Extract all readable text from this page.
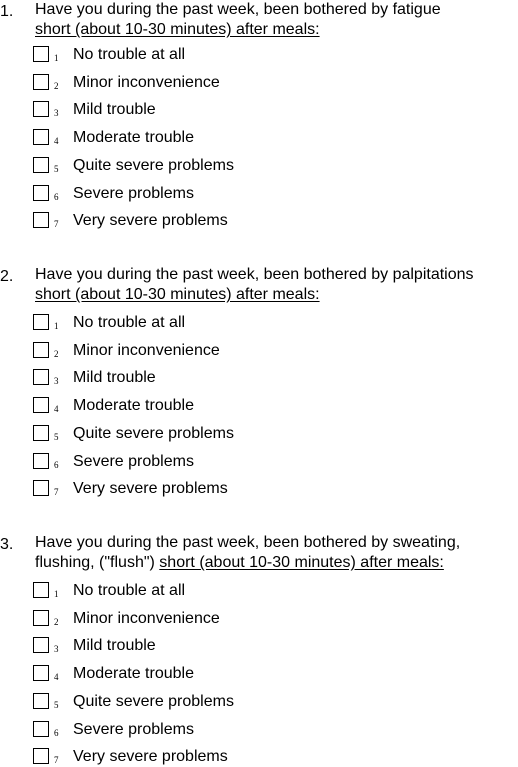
1. Have you during the past week, been bothered by fatigue
short (about 10-30 minutes) after meals:
1 No trouble at all
2 Minor inconvenience
3 Mild trouble
4 Moderate trouble
5 Quite severe problems
6 Severe problems
7 Very severe problems
2. Have you during the past week, been bothered by palpitations
short (about 10-30 minutes) after meals:
1 No trouble at all
2 Minor inconvenience
3 Mild trouble
4 Moderate trouble
5 Quite severe problems
6 Severe problems
7 Very severe problems
3. Have you during the past week, been bothered by sweating,
flushing, ("flush") short (about 10-30 minutes) after meals:
1 No trouble at all
2 Minor inconvenience
3 Mild trouble
4 Moderate trouble
5 Quite severe problems
6 Severe problems
7 Very severe problems
